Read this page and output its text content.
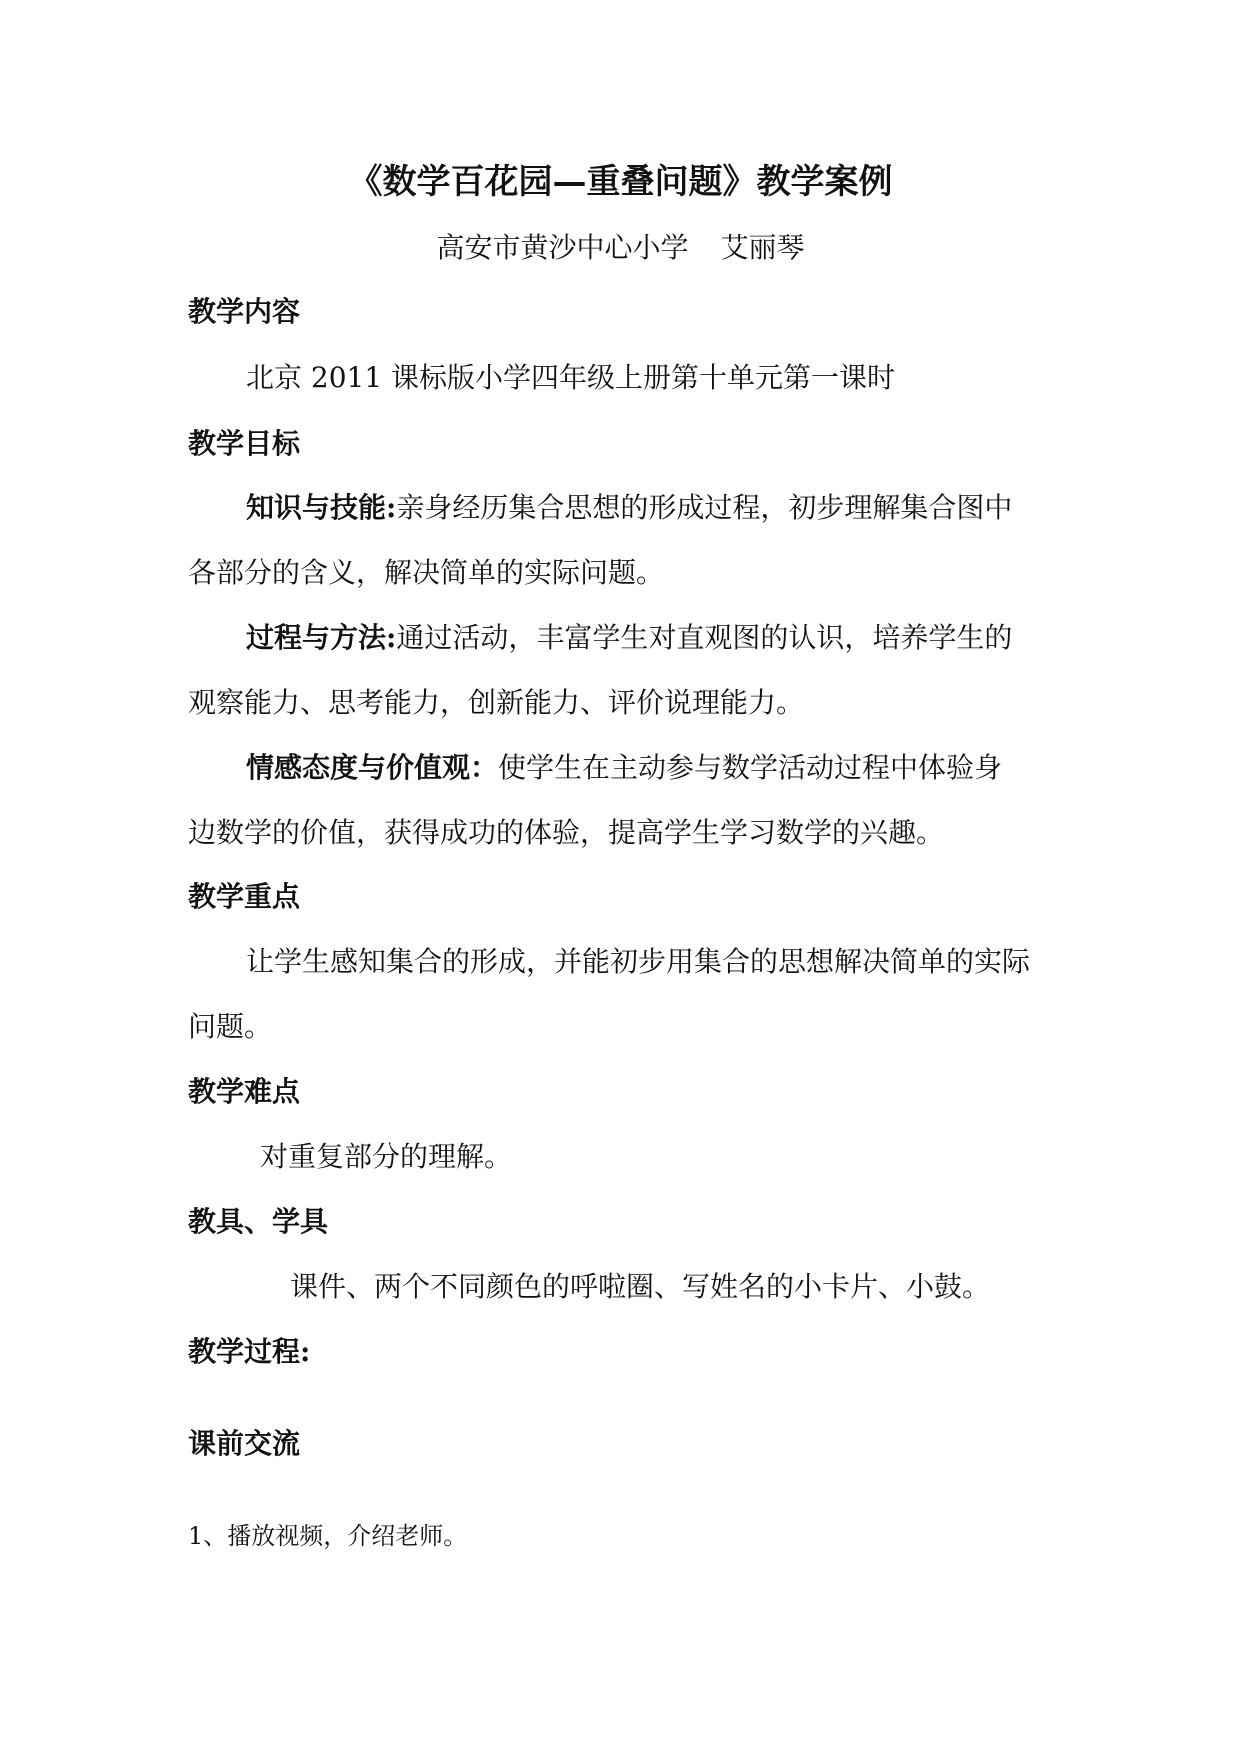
《数学百花园—重叠问题》教学案例
高安市黄沙中心小学 艾丽琴
教学内容
北京 2011 课标版小学四年级上册第十单元第一课时
教学目标
知识与技能:亲身经历集合思想的形成过程，初步理解集合图中
各部分的含义，解决简单的实际问题。
过程与方法:通过活动，丰富学生对直观图的认识，培养学生的
观察能力、思考能力，创新能力、评价说理能力。
情感态度与价值观：使学生在主动参与数学活动过程中体验身
边数学的价值，获得成功的体验，提高学生学习数学的兴趣。
教学重点
让学生感知集合的形成，并能初步用集合的思想解决简单的实际
问题。
教学难点
对重复部分的理解。
教具、学具
课件、两个不同颜色的呼啦圈、写姓名的小卡片、小鼓。
教学过程:
课前交流
1、播放视频，介绍老师。
